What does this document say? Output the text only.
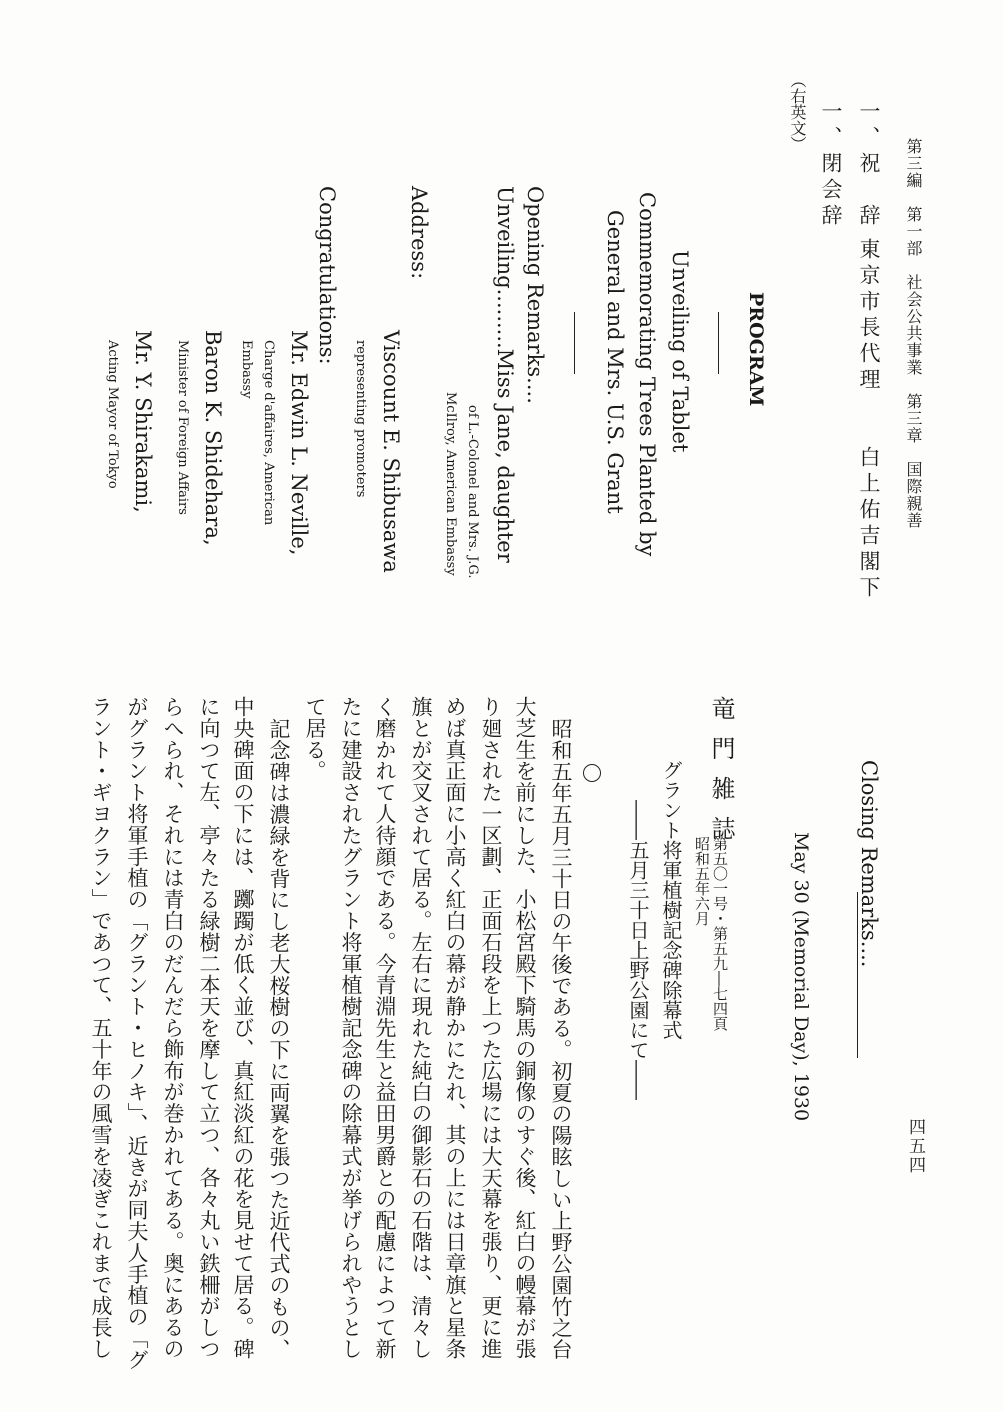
第三編　第一部　社会公共事業　第三章　国際親善
四五四
一、祝　辞
東京市長代理　　白上佑吉閣下
一、閉会辞
（右英文）
PROGRAM
Unveiling of Tablet
Commemorating Trees Planted by
General and Mrs. U.S. Grant
Opening Remarks....
Unveiling.........Miss Jane, daughter
of L.-Colonel and Mrs. J.G.
McIlroy, American Embassy
Address:
Viscount E. Shibusawa
representing promoters
Congratulations:
Mr. Edwin L. Neville,
Charge d'affaires, American
Embassy
Baron K. Shidehara,
Minister of Foreign Affairs
Mr. Y. Shirakami,
Acting Mayor of Tokyo
Closing Remarks....
May 30 (Memorial Day), 1930
竜門雑誌
第五〇一号・第五九―七四頁
昭和五年六月
グラント将軍植樹記念碑除幕式
――五月三十日上野公園にて――
昭和五年五月三十日の午後である。初夏の陽眩しい上野公園竹之台
大芝生を前にした、小松宮殿下騎馬の銅像のすぐ後、紅白の幔幕が張
り廻された一区劃、正面石段を上つた広場には大天幕を張り、更に進
めば真正面に小高く紅白の幕が静かにたれ、其の上には日章旗と星条
旗とが交叉されて居る。左右に現れた純白の御影石の石階は、清々し
く磨かれて人待顔である。今青淵先生と益田男爵との配慮によつて新
たに建設されたグラント将軍植樹記念碑の除幕式が挙げられやうとし
て居る。
記念碑は濃緑を背にし老大桜樹の下に両翼を張つた近代式のもの、
中央碑面の下には、躑躅が低く並び、真紅淡紅の花を見せて居る。碑
に向つて左、亭々たる緑樹二本天を摩して立つ、各々丸い鉄柵がしつ
らへられ、それには青白のだんだら飾布が巻かれてある。奥にあるの
がグラント将軍手植の「グラント・ヒノキ」、近きが同夫人手植の「グ
ラント・ギヨクラン」であつて、五十年の風雪を凌ぎこれまで成長し
